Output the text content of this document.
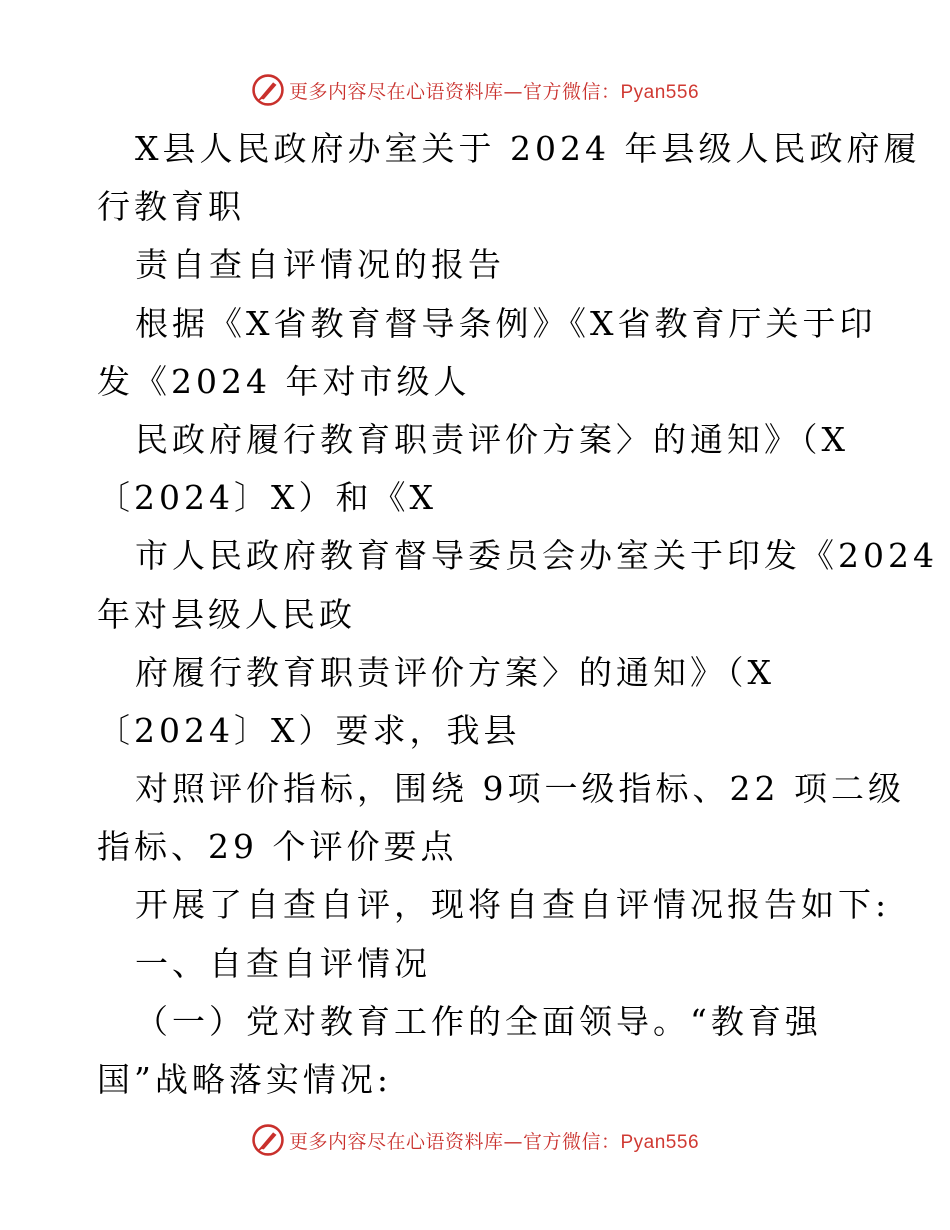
更多内容尽在心语资料库—官方微信：Pyan556
X县人民政府办室关于 2024 年县级人民政府履
行教育职
责自查自评情况的报告
根据《X省教育督导条例》《X省教育厅关于印
发《2024 年对市级人
民政府履行教育职责评价方案〉的通知》（X
〔2024〕X）和《X
市人民政府教育督导委员会办室关于印发《2024
年对县级人民政
府履行教育职责评价方案〉的通知》（X
〔2024〕X）要求，我县
对照评价指标，围绕 9项一级指标、22 项二级
指标、29 个评价要点
开展了自查自评，现将自查自评情况报告如下:
一、自查自评情况
（一）党对教育工作的全面领导。“教育强
国”战略落实情况:
更多内容尽在心语资料库—官方微信：Pyan556
